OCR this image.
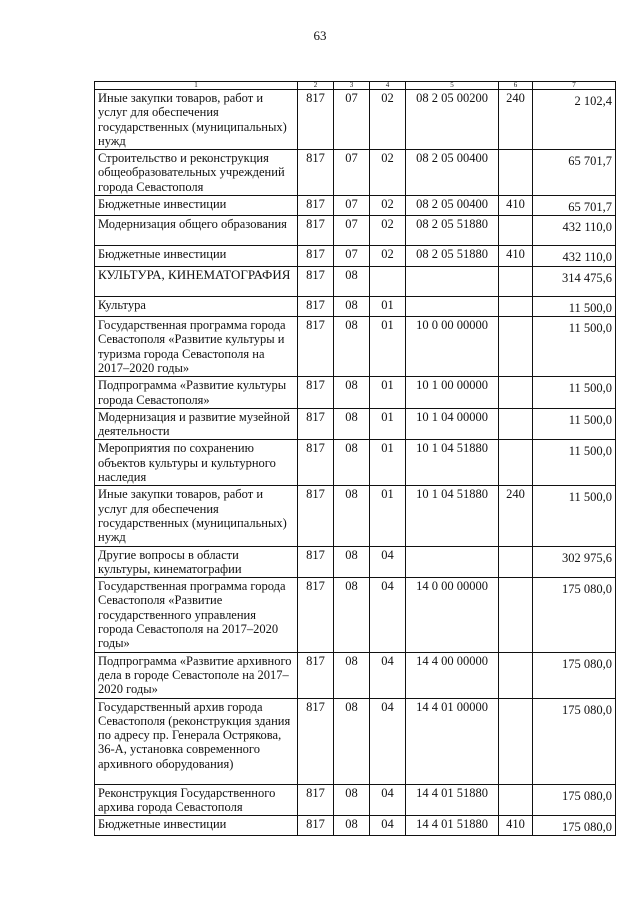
63
1	2	3	4	5	6	7
Иные закупки товаров, работ и услуг для обеспечения государственных (муниципальных) нужд	817	07	02	08 2 05 00200	240	2 102,4
Строительство и реконструкция общеобразовательных учреждений города Севастополя	817	07	02	08 2 05 00400		65 701,7
Бюджетные инвестиции	817	07	02	08 2 05 00400	410	65 701,7
Модернизация общего образования	817	07	02	08 2 05 51880		432 110,0
Бюджетные инвестиции	817	07	02	08 2 05 51880	410	432 110,0
КУЛЬТУРА, КИНЕМАТОГРАФИЯ	817	08				314 475,6
Культура	817	08	01			11 500,0
Государственная программа города Севастополя «Развитие культуры и туризма города Севастополя на 2017–2020 годы»	817	08	01	10 0 00 00000		11 500,0
Подпрограмма «Развитие культуры города Севастополя»	817	08	01	10 1 00 00000		11 500,0
Модернизация и развитие музейной деятельности	817	08	01	10 1 04 00000		11 500,0
Мероприятия по сохранению объектов культуры и культурного наследия	817	08	01	10 1 04 51880		11 500,0
Иные закупки товаров, работ и услуг для обеспечения государственных (муниципальных) нужд	817	08	01	10 1 04 51880	240	11 500,0
Другие вопросы в области культуры, кинематографии	817	08	04			302 975,6
Государственная программа города Севастополя «Развитие государственного управления города Севастополя на 2017–2020 годы»	817	08	04	14 0 00 00000		175 080,0
Подпрограмма «Развитие архивного дела в городе Севастополе на 2017–2020 годы»	817	08	04	14 4 00 00000		175 080,0
Государственный архив города Севастополя (реконструкция здания по адресу пр. Генерала Острякова, 36-А, установка современного архивного оборудования)	817	08	04	14 4 01 00000		175 080,0
Реконструкция Государственного архива города Севастополя	817	08	04	14 4 01 51880		175 080,0
Бюджетные инвестиции	817	08	04	14 4 01 51880	410	175 080,0
